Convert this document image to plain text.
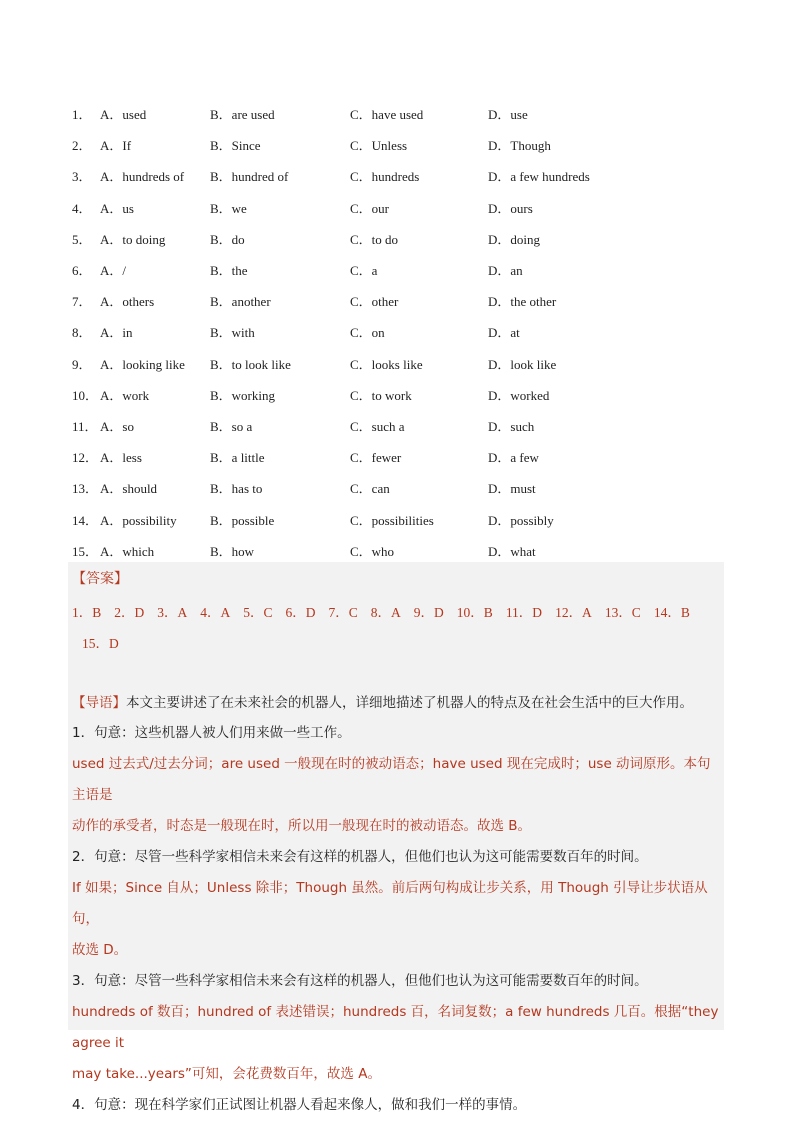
1． A．used	B．are used	C．have used	D．use
2． A．If	B．Since	C．Unless	D．Though
3． A．hundreds of	B．hundred of	C．hundreds	D．a few hundreds
4． A．us	B．we	C．our	D．ours
5． A．to doing	B．do	C．to do	D．doing
6． A．/	B．the	C．a	D．an
7． A．others	B．another	C．other	D．the other
8． A．in	B．with	C．on	D．at
9． A．looking like	B．to look like	C．looks like	D．look like
10． A．work	B．working	C．to work	D．worked
11． A．so	B．so a	C．such a	D．such
12． A．less	B．a little	C．fewer	D．a few
13． A．should	B．has to	C．can	D．must
14． A．possibility	B．possible	C．possibilities	D．possibly
15． A．which	B．how	C．who	D．what
【答案】
1．B 2．D 3．A 4．A 5．C 6．D 7．C 8．A 9．D 10．B 11．D 12．A 13．C 14．B
15．D
【导语】本文主要讲述了在未来社会的机器人，详细地描述了机器人的特点及在社会生活中的巨大作用。
1．句意：这些机器人被人们用来做一些工作。
used 过去式/过去分词；are used 一般现在时的被动语态；have used 现在完成时；use 动词原形。本句主语是
动作的承受者，时态是一般现在时，所以用一般现在时的被动语态。故选 B。
2．句意：尽管一些科学家相信未来会有这样的机器人，但他们也认为这可能需要数百年的时间。
If 如果；Since 自从；Unless 除非；Though 虽然。前后两句构成让步关系，用 Though 引导让步状语从句，
故选 D。
3．句意：尽管一些科学家相信未来会有这样的机器人，但他们也认为这可能需要数百年的时间。
hundreds of 数百；hundred of 表述错误；hundreds 百，名词复数；a few hundreds 几百。根据“they agree it
may take...years”可知，会花费数百年，故选 A。
4．句意：现在科学家们正试图让机器人看起来像人，做和我们一样的事情。
